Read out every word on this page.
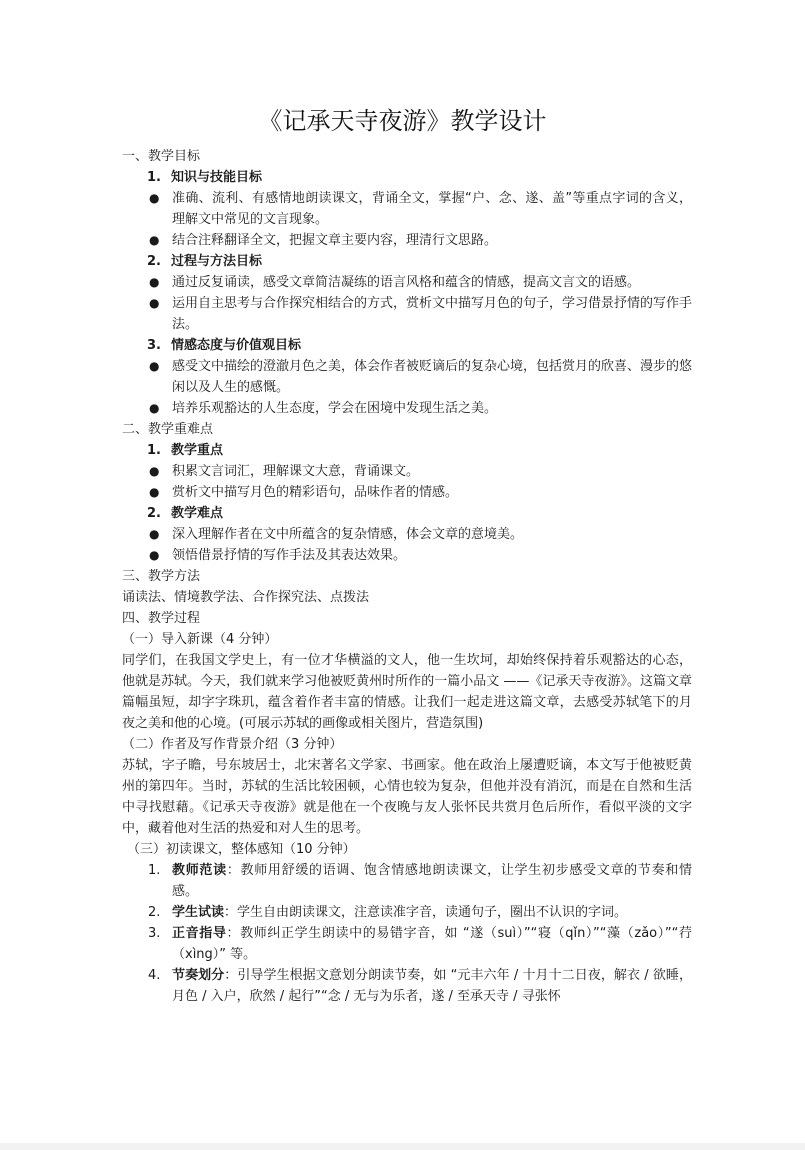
《记承天寺夜游》教学设计
一、教学目标
1. 知识与技能目标
● 准确、流利、有感情地朗读课文，背诵全文，掌握“户、念、遂、盖”等重点字词的含义，理解文中常见的文言现象。
● 结合注释翻译全文，把握文章主要内容，理清行文思路。
2. 过程与方法目标
● 通过反复诵读，感受文章简洁凝练的语言风格和蕴含的情感，提高文言文的语感。
● 运用自主思考与合作探究相结合的方式，赏析文中描写月色的句子，学习借景抒情的写作手法。
3. 情感态度与价值观目标
● 感受文中描绘的澄澈月色之美，体会作者被贬谪后的复杂心境，包括赏月的欣喜、漫步的悠闲以及人生的感慨。
● 培养乐观豁达的人生态度，学会在困境中发现生活之美。
二、教学重难点
1. 教学重点
● 积累文言词汇，理解课文大意，背诵课文。
● 赏析文中描写月色的精彩语句，品味作者的情感。
2. 教学难点
● 深入理解作者在文中所蕴含的复杂情感，体会文章的意境美。
● 领悟借景抒情的写作手法及其表达效果。
三、教学方法
诵读法、情境教学法、合作探究法、点拨法
四、教学过程
（一）导入新课（4 分钟）
同学们，在我国文学史上，有一位才华横溢的文人，他一生坎坷，却始终保持着乐观豁达的心态，他就是苏轼。今天，我们就来学习他被贬黄州时所作的一篇小品文 ——《记承天寺夜游》。这篇文章篇幅虽短，却字字珠玑，蕴含着作者丰富的情感。让我们一起走进这篇文章，去感受苏轼笔下的月夜之美和他的心境。(可展示苏轼的画像或相关图片，营造氛围)
（二）作者及写作背景介绍（3 分钟）
苏轼，字子瞻，号东坡居士，北宋著名文学家、书画家。他在政治上屡遭贬谪，本文写于他被贬黄州的第四年。当时，苏轼的生活比较困顿，心情也较为复杂，但他并没有消沉，而是在自然和生活中寻找慰藉。《记承天寺夜游》就是他在一个夜晚与友人张怀民共赏月色后所作，看似平淡的文字中，藏着他对生活的热爱和对人生的思考。
（三）初读课文，整体感知（10 分钟）
1. 教师范读：教师用舒缓的语调、饱含情感地朗读课文，让学生初步感受文章的节奏和情感。
2. 学生试读：学生自由朗读课文，注意读准字音，读通句子，圈出不认识的字词。
3. 正音指导：教师纠正学生朗读中的易错字音，如 “遂（suì）”“寝（qǐn）”“藻（zǎo）”“荇（xìng）” 等。
4. 节奏划分：引导学生根据文意划分朗读节奏，如 “元丰六年 / 十月十二日夜，解衣 / 欲睡，月色 / 入户，欣然 / 起行”“念 / 无与为乐者，遂 / 至承天寺 / 寻张怀
